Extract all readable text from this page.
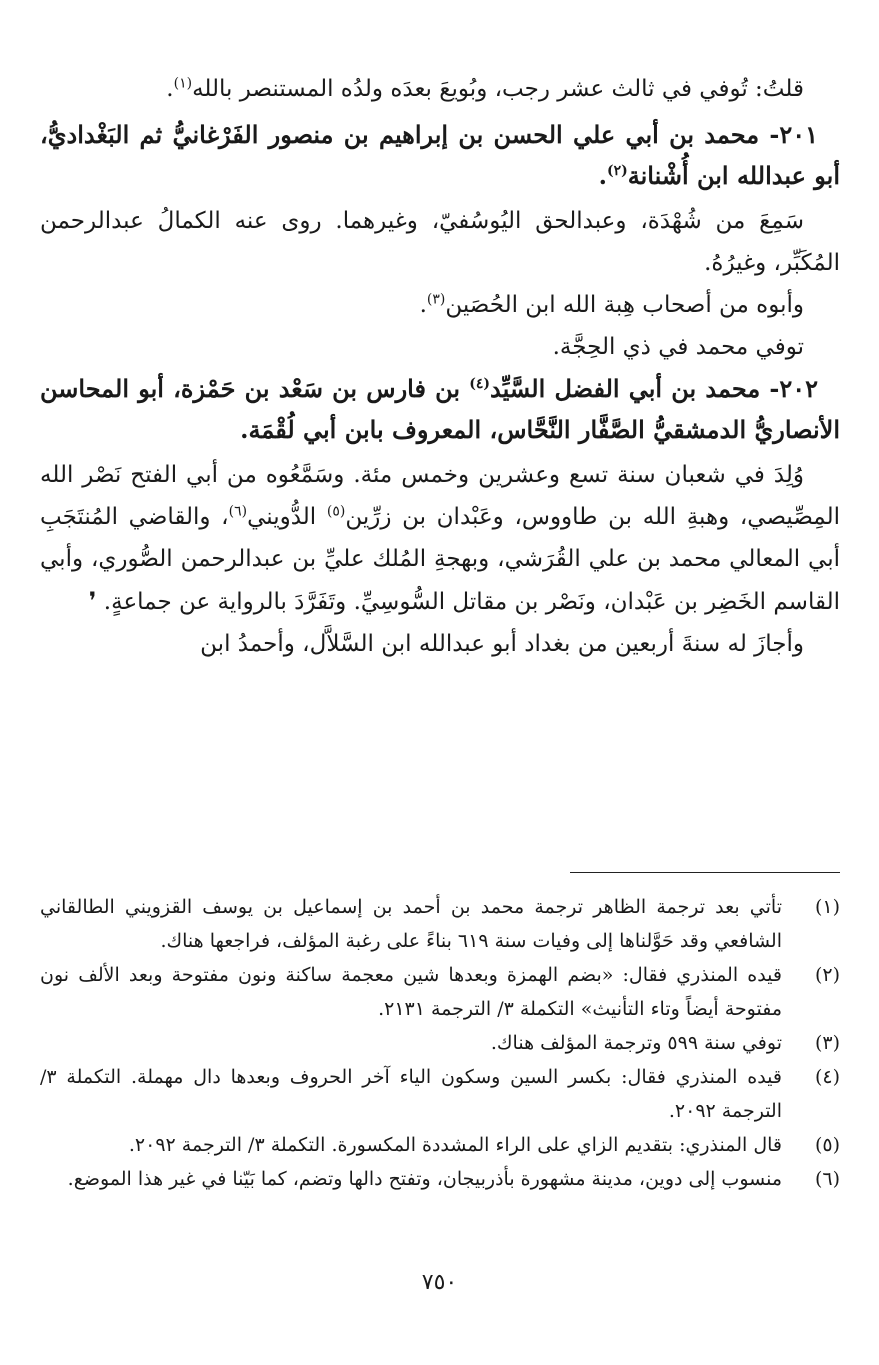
قلتُ: تُوفي في ثالث عشر رجب، وبُويعَ بعدَه ولدُه المستنصر بالله$^{(١)}$.

٢٠١- محمد بن أبي علي الحسن بن إبراهيم بن منصور الفَرْغانيُّ ثم البَغْداديُّ، أبو عبدالله ابن أُشْنانة$^{(٢)}$.

سَمِعَ من شُهْدَة، وعبدالحق اليُوسُفيّ، وغيرهما. روى عنه الكمالُ عبدالرحمن المُكَبِّر، وغيرُهُ.

وأبوه من أصحاب هِبة الله ابن الحُصَين$^{(٣)}$.

توفي محمد في ذي الحِجَّة.

٢٠٢- محمد بن أبي الفضل السَّيِّد$^{(٤)}$ بن فارس بن سَعْد بن حَمْزة، أبو المحاسن الأنصاريُّ الدمشقيُّ الصَّفَّار النَّحَّاس، المعروف بابن أبي لُقْمَة.

وُلِدَ في شعبان سنة تسع وعشرين وخمس مئة. وسَمَّعُوه من أبي الفتح نَصْر الله المِصِّيصي، وهبةِ الله بن طاووس، وعَبْدان بن زرِّين$^{(٥)}$ الدُّويني$^{(٦)}$، والقاضي المُنتَجَبِ أبي المعالي محمد بن علي القُرَشي، وبهجةِ المُلك عليِّ بن عبدالرحمن الصُّوري، وأبي القاسم الخَضِر بن عَبْدان، ونَصْر بن مقاتل السُّوسِيِّ. وتَفَرَّدَ بالرواية عن جماعةٍ. ❜

وأجازَ له سنةَ أربعين من بغداد أبو عبدالله ابن السَّلاَّل، وأحمدُ ابن

(١)
تأتي بعد ترجمة الظاهر ترجمة محمد بن أحمد بن إسماعيل بن يوسف القزويني الطالقاني الشافعي وقد حَوَّلناها إلى وفيات سنة ٦١٩ بناءً على رغبة المؤلف، فراجعها هناك.
(٢)
قيده المنذري فقال: «بضم الهمزة وبعدها شين معجمة ساكنة ونون مفتوحة وبعد الألف نون مفتوحة أيضاً وتاء التأنيث» التكملة ٣/ الترجمة ٢١٣١.
(٣)
توفي سنة ٥٩٩ وترجمة المؤلف هناك.
(٤)
قيده المنذري فقال: بكسر السين وسكون الياء آخر الحروف وبعدها دال مهملة. التكملة ٣/ الترجمة ٢٠٩٢.
(٥)
قال المنذري: بتقديم الزاي على الراء المشددة المكسورة. التكملة ٣/ الترجمة ٢٠٩٢.
(٦)
منسوب إلى دوين، مدينة مشهورة بأذربيجان، وتفتح دالها وتضم، كما بَيّنا في غير هذا الموضع.
٧٥٠
